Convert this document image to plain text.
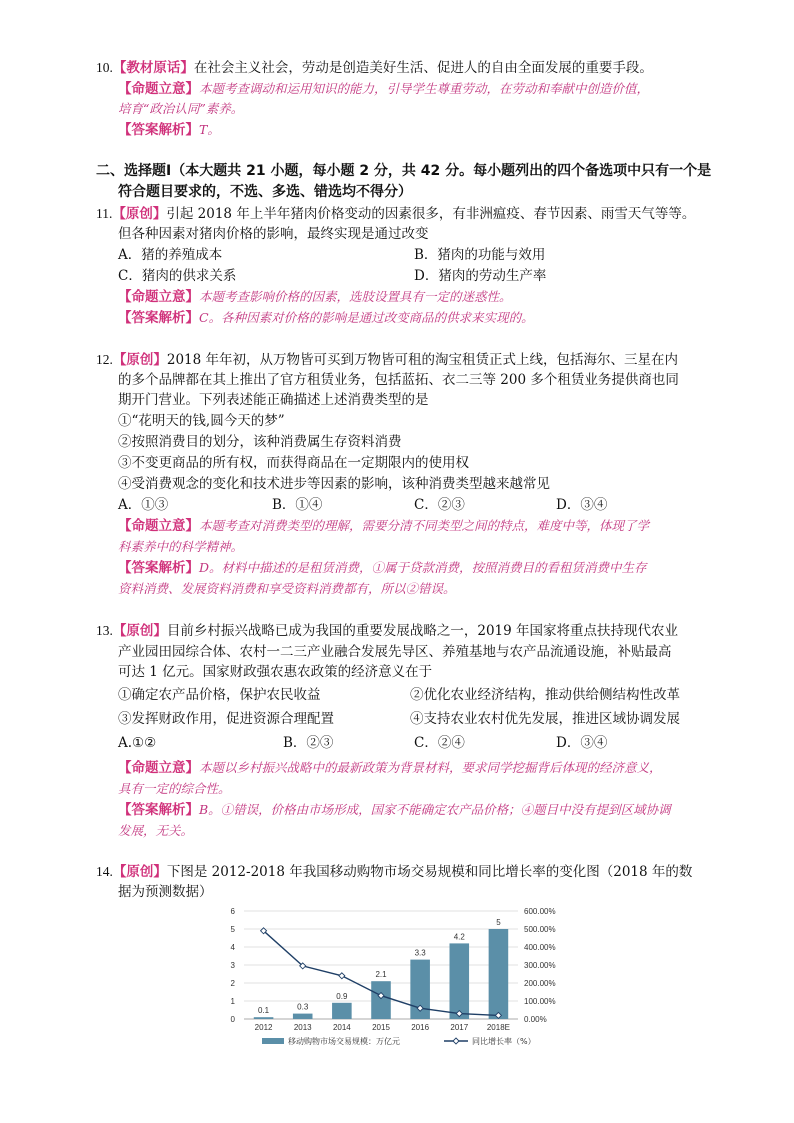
10.【教材原话】在社会主义社会，劳动是创造美好生活、促进人的自由全面发展的重要手段。
【命题立意】本题考查调动和运用知识的能力，引导学生尊重劳动，在劳动和奉献中创造价值，
培育“政治认同”素养。
【答案解析】T。
二、选择题Ⅰ（本大题共 21 小题，每小题 2 分，共 42 分。每小题列出的四个备选项中只有一个是
符合题目要求的，不选、多选、错选均不得分）
11.【原创】引起 2018 年上半年猪肉价格变动的因素很多，有非洲瘟疫、春节因素、雨雪天气等等。
但各种因素对猪肉价格的影响，最终实现是通过改变
A．猪的养殖成本	B．猪肉的功能与效用
C．猪肉的供求关系	D．猪肉的劳动生产率
【命题立意】本题考查影响价格的因素，选肢设置具有一定的迷惑性。
【答案解析】C。各种因素对价格的影响是通过改变商品的供求来实现的。
12.【原创】2018 年年初，从万物皆可买到万物皆可租的淘宝租赁正式上线，包括海尔、三星在内
的多个品牌都在其上推出了官方租赁业务，包括蓝拓、衣二三等 200 多个租赁业务提供商也同
期开门营业。下列表述能正确描述上述消费类型的是
①“花明天的钱,圆今天的梦”
②按照消费目的划分，该种消费属生存资料消费
③不变更商品的所有权，而获得商品在一定期限内的使用权
④受消费观念的变化和技术进步等因素的影响，该种消费类型越来越常见
A．①③	B．①④	C．②③	D．③④
【命题立意】本题考查对消费类型的理解，需要分清不同类型之间的特点，难度中等，体现了学
科素养中的科学精神。
【答案解析】D。材料中描述的是租赁消费，①属于贷款消费，按照消费目的看租赁消费中生存
资料消费、发展资料消费和享受资料消费都有，所以②错误。
13.【原创】目前乡村振兴战略已成为我国的重要发展战略之一，2019 年国家将重点扶持现代农业
产业园田园综合体、农村一二三产业融合发展先导区、养殖基地与农产品流通设施，补贴最高
可达 1 亿元。国家财政强农惠农政策的经济意义在于
①确定农产品价格，保护农民收益	②优化农业经济结构，推动供给侧结构性改革
③发挥财政作用，促进资源合理配置	④支持农业农村优先发展，推进区域协调发展
A.①②	B．②③	C．②④	D．③④
【命题立意】本题以乡村振兴战略中的最新政策为背景材料，要求同学挖掘背后体现的经济意义，
具有一定的综合性。
【答案解析】B。①错误，价格由市场形成，国家不能确定农产品价格；④题目中没有提到区域协调
发展，无关。
14.【原创】下图是 2012-2018 年我国移动购物市场交易规模和同比增长率的变化图（2018 年的数
据为预测数据）
0
1
2
3
4
5
6
0.00%
100.00%
200.00%
300.00%
400.00%
500.00%
600.00%
0.1	0.3
0.9
2.1
3.3
4.2
5
2012	2013	2014	2015	2016	2017 2018E
移动购物市场交易规模：万亿元	同比增长率（%）
